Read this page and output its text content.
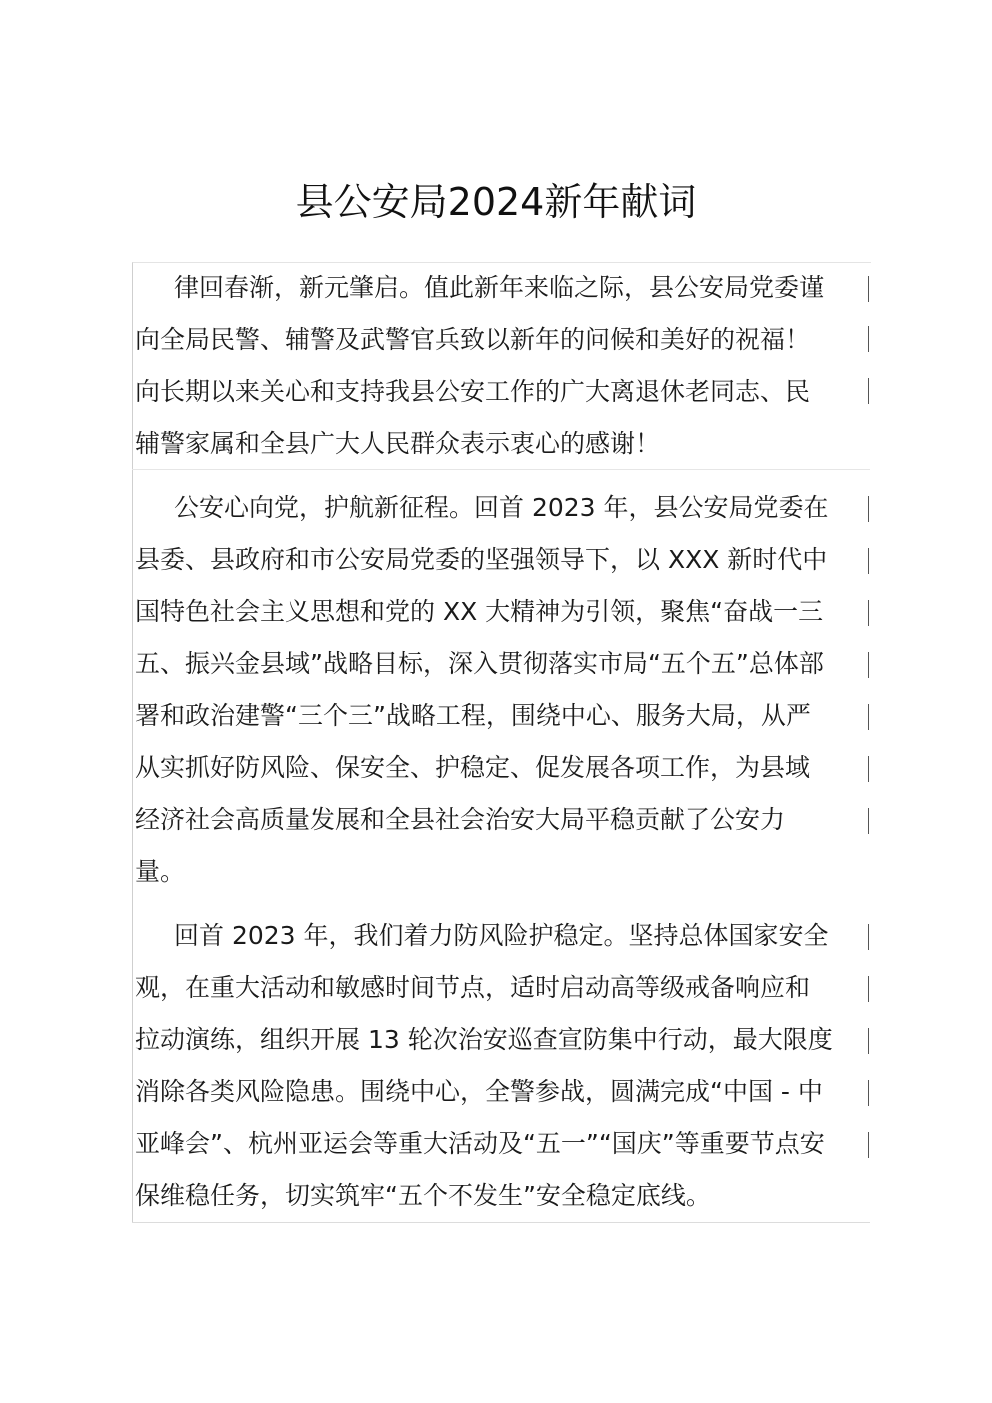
县公安局2024新年献词
律回春渐，新元肇启。值此新年来临之际，县公安局党委谨
向全局民警、辅警及武警官兵致以新年的问候和美好的祝福！
向长期以来关心和支持我县公安工作的广大离退休老同志、民
辅警家属和全县广大人民群众表示衷心的感谢！
公安心向党，护航新征程。回首 2023 年，县公安局党委在
县委、县政府和市公安局党委的坚强领导下，以 XXX 新时代中
国特色社会主义思想和党的 XX 大精神为引领，聚焦“奋战一三
五、振兴金县域”战略目标，深入贯彻落实市局“五个五”总体部
署和政治建警“三个三”战略工程，围绕中心、服务大局，从严
从实抓好防风险、保安全、护稳定、促发展各项工作，为县域
经济社会高质量发展和全县社会治安大局平稳贡献了公安力
量。
回首 2023 年，我们着力防风险护稳定。坚持总体国家安全
观，在重大活动和敏感时间节点，适时启动高等级戒备响应和
拉动演练，组织开展 13 轮次治安巡查宣防集中行动，最大限度
消除各类风险隐患。围绕中心，全警参战，圆满完成“中国 - 中
亚峰会”、杭州亚运会等重大活动及“五一”“国庆”等重要节点安
保维稳任务，切实筑牢“五个不发生”安全稳定底线。
